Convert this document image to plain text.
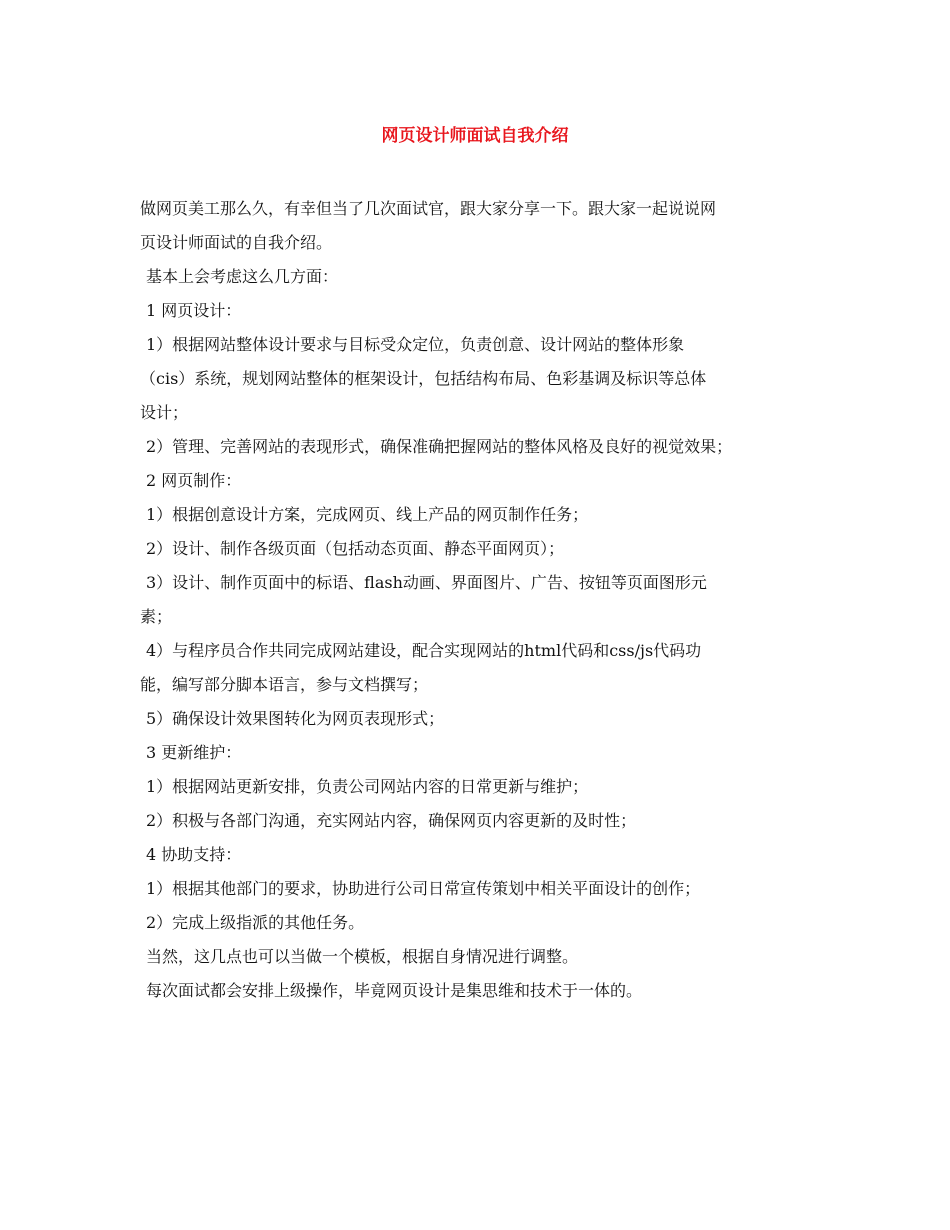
网页设计师面试自我介绍
做网页美工那么久，有幸但当了几次面试官，跟大家分享一下。跟大家一起说说网
页设计师面试的自我介绍。
基本上会考虑这么几方面：
1 网页设计：
1）根据网站整体设计要求与目标受众定位，负责创意、设计网站的整体形象
（cis）系统，规划网站整体的框架设计，包括结构布局、色彩基调及标识等总体
设计；
2）管理、完善网站的表现形式，确保准确把握网站的整体风格及良好的视觉效果；
2 网页制作：
1）根据创意设计方案，完成网页、线上产品的网页制作任务；
2）设计、制作各级页面（包括动态页面、静态平面网页）；
3）设计、制作页面中的标语、flash动画、界面图片、广告、按钮等页面图形元
素；
4）与程序员合作共同完成网站建设，配合实现网站的html代码和css/js代码功
能，编写部分脚本语言，参与文档撰写；
5）确保设计效果图转化为网页表现形式；
3 更新维护：
1）根据网站更新安排，负责公司网站内容的日常更新与维护；
2）积极与各部门沟通，充实网站内容，确保网页内容更新的及时性；
4 协助支持：
1）根据其他部门的要求，协助进行公司日常宣传策划中相关平面设计的创作；
2）完成上级指派的其他任务。
当然，这几点也可以当做一个模板，根据自身情况进行调整。
每次面试都会安排上级操作，毕竟网页设计是集思维和技术于一体的。
